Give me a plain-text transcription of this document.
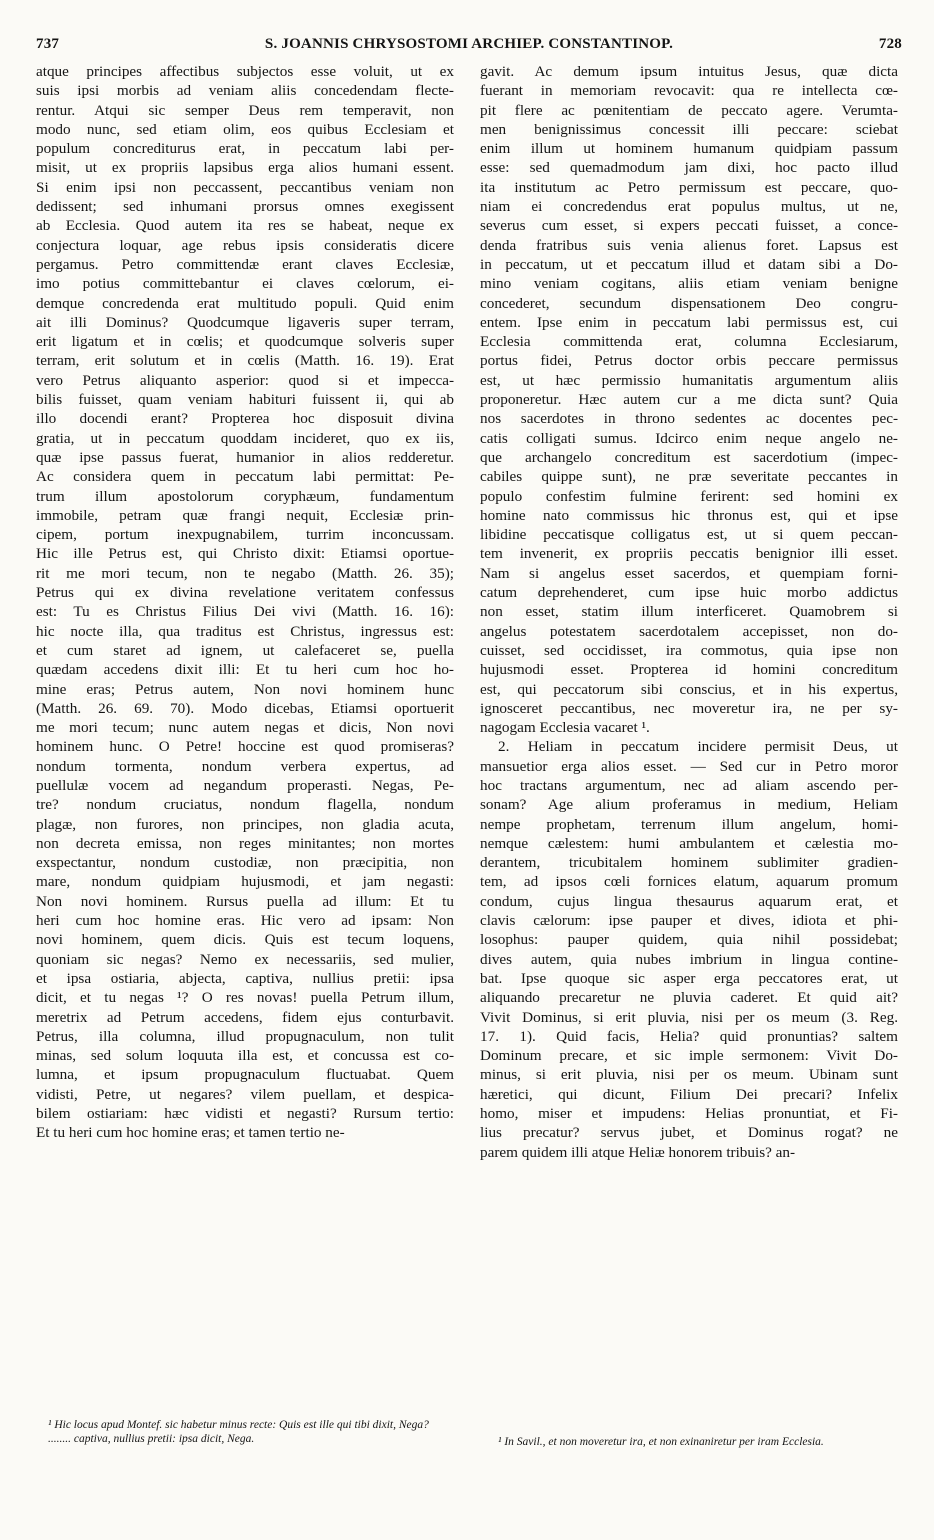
737	S. JOANNIS CHRYSOSTOMI ARCHIEP. CONSTANTINOP.	728
atque principes affectibus subjectos esse voluit, ut ex
suis ipsi morbis ad veniam aliis concedendam flecte-
rentur. Atqui sic semper Deus rem temperavit, non
modo nunc, sed etiam olim, eos quibus Ecclesiam et
populum concrediturus erat, in peccatum labi per-
misit, ut ex propriis lapsibus erga alios humani essent.
Si enim ipsi non peccassent, peccantibus veniam non
dedissent; sed inhumani prorsus omnes exegissent
ab Ecclesia. Quod autem ita res se habeat, neque ex
conjectura loquar, age rebus ipsis consideratis dicere
pergamus. Petro committendæ erant claves Ecclesiæ,
imo potius committebantur ei claves cœlorum, ei-
demque concredenda erat multitudo populi. Quid enim
ait illi Dominus? Quodcumque ligaveris super terram,
erit ligatum et in cœlis; et quodcumque solveris super
terram, erit solutum et in cœlis (Matth. 16. 19). Erat
vero Petrus aliquanto asperior: quod si et impecca-
bilis fuisset, quam veniam habituri fuissent ii, qui ab
illo docendi erant? Propterea hoc disposuit divina
gratia, ut in peccatum quoddam incideret, quo ex iis,
quæ ipse passus fuerat, humanior in alios redderetur.
Ac considera quem in peccatum labi permittat: Pe-
trum illum apostolorum coryphæum, fundamentum
immobile, petram quæ frangi nequit, Ecclesiæ prin-
cipem, portum inexpugnabilem, turrim inconcussam.
Hic ille Petrus est, qui Christo dixit: Etiamsi oportue-
rit me mori tecum, non te negabo (Matth. 26. 35);
Petrus qui ex divina revelatione veritatem confessus
est: Tu es Christus Filius Dei vivi (Matth. 16. 16):
hic nocte illa, qua traditus est Christus, ingressus est:
et cum staret ad ignem, ut calefaceret se, puella
quædam accedens dixit illi: Et tu heri cum hoc ho-
mine eras; Petrus autem, Non novi hominem hunc
(Matth. 26. 69. 70). Modo dicebas, Etiamsi oportuerit
me mori tecum; nunc autem negas et dicis, Non novi
hominem hunc. O Petre! hoccine est quod promiseras?
nondum tormenta, nondum verbera expertus, ad
puellulæ vocem ad negandum properasti. Negas, Pe-
tre? nondum cruciatus, nondum flagella, nondum
plagæ, non furores, non principes, non gladia acuta,
non decreta emissa, non reges minitantes; non mortes
exspectantur, nondum custodiæ, non præcipitia, non
mare, nondum quidpiam hujusmodi, et jam negasti:
Non novi hominem. Rursus puella ad illum: Et tu
heri cum hoc homine eras. Hic vero ad ipsam: Non
novi hominem, quem dicis. Quis est tecum loquens,
quoniam sic negas? Nemo ex necessariis, sed mulier,
et ipsa ostiaria, abjecta, captiva, nullius pretii: ipsa
dicit, et tu negas ¹? O res novas! puella Petrum illum,
meretrix ad Petrum accedens, fidem ejus conturbavit.
Petrus, illa columna, illud propugnaculum, non tulit
minas, sed solum loquuta illa est, et concussa est co-
lumna, et ipsum propugnaculum fluctuabat. Quem
vidisti, Petre, ut negares? vilem puellam, et despica-
bilem ostiariam: hæc vidisti et negasti? Rursum tertio:
Et tu heri cum hoc homine eras; et tamen tertio ne-
gavit. Ac demum ipsum intuitus Jesus, quæ dicta
fuerant in memoriam revocavit: qua re intellecta cœ-
pit flere ac pœnitentiam de peccato agere. Verumta-
men benignissimus concessit illi peccare: sciebat
enim illum ut hominem humanum quidpiam passum
esse: sed quemadmodum jam dixi, hoc pacto illud
ita institutum ac Petro permissum est peccare, quo-
niam ei concredendus erat populus multus, ut ne,
severus cum esset, si expers peccati fuisset, a conce-
denda fratribus suis venia alienus foret. Lapsus est
in peccatum, ut et peccatum illud et datam sibi a Do-
mino veniam cogitans, aliis etiam veniam benigne
concederet, secundum dispensationem Deo congru-
entem. Ipse enim in peccatum labi permissus est, cui
Ecclesia committenda erat, columna Ecclesiarum,
portus fidei, Petrus doctor orbis peccare permissus
est, ut hæc permissio humanitatis argumentum aliis
proponeretur. Hæc autem cur a me dicta sunt? Quia
nos sacerdotes in throno sedentes ac docentes pec-
catis colligati sumus. Idcirco enim neque angelo ne-
que archangelo concreditum est sacerdotium (impec-
cabiles quippe sunt), ne præ severitate peccantes in
populo confestim fulmine ferirent: sed homini ex
homine nato commissus hic thronus est, qui et ipse
libidine peccatisque colligatus est, ut si quem peccan-
tem invenerit, ex propriis peccatis benignior illi esset.
Nam si angelus esset sacerdos, et quempiam forni-
catum deprehenderet, cum ipse huic morbo addictus
non esset, statim illum interficeret. Quamobrem si
angelus potestatem sacerdotalem accepisset, non do-
cuisset, sed occidisset, ira commotus, quia ipse non
hujusmodi esset. Propterea id homini concreditum
est, qui peccatorum sibi conscius, et in his expertus,
ignosceret peccantibus, nec moveretur ira, ne per sy-
nagogam Ecclesia vacaret ¹.
2. Heliam in peccatum incidere permisit Deus, ut
mansuetior erga alios esset. — Sed cur in Petro moror
hoc tractans argumentum, nec ad aliam ascendo per-
sonam? Age alium proferamus in medium, Heliam
nempe prophetam, terrenum illum angelum, homi-
nemque cælestem: humi ambulantem et cælestia mo-
derantem, tricubitalem hominem sublimiter gradien-
tem, ad ipsos cœli fornices elatum, aquarum promum
condum, cujus lingua thesaurus aquarum erat, et
clavis cælorum: ipse pauper et dives, idiota et phi-
losophus: pauper quidem, quia nihil possidebat;
dives autem, quia nubes imbrium in lingua contine-
bat. Ipse quoque sic asper erga peccatores erat, ut
aliquando precaretur ne pluvia caderet. Et quid ait?
Vivit Dominus, si erit pluvia, nisi per os meum (3. Reg.
17. 1). Quid facis, Helia? quid pronuntias? saltem
Dominum precare, et sic imple sermonem: Vivit Do-
minus, si erit pluvia, nisi per os meum. Ubinam sunt
hæretici, qui dicunt, Filium Dei precari? Infelix
homo, miser et impudens: Helias pronuntiat, et Fi-
lius precatur? servus jubet, et Dominus rogat? ne
parem quidem illi atque Heliæ honorem tribuis? an-
¹ Hic locus apud Montef. sic habetur minus recte: Quis est ille qui tibi dixit, Nega? ........ captiva, nullius pretii: ipsa dicit, Nega.	¹ In Savil., et non moveretur ira, et non exinaniretur per iram Ecclesia.
